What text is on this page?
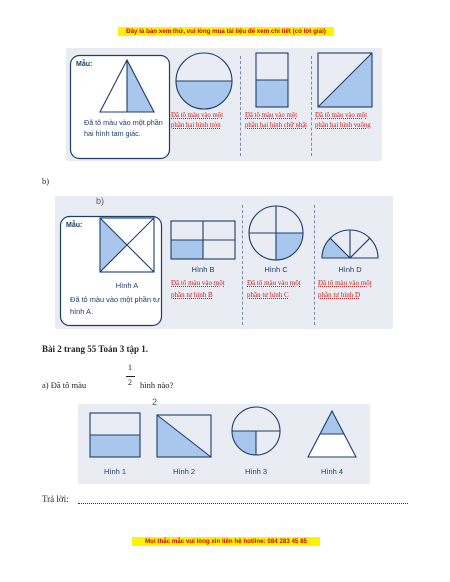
Đây là bản xem thử, vui lòng mua tài liệu để xem chi tiết (có lời giải)
Mọi thắc mắc vui lòng xin liên hệ hotline: 084 283 45 85
Mẫu:
Đã tô màu vào một phần hai hình tam giác.
Đã tô màu vào một phần hai hình tròn
Đã tô màu vào một phần hai hình chữ nhật
Đã tô màu vào một phần hai hình vuông
b)
b)
Mẫu:
Hình A
Đã tô màu vào một phần tư hình A.
Hình B
Đã tô màu vào một phần tư hình B
Hình C
Đã tô màu vào một phần tư hình C
Hình D
Đã tô màu vào một phần tư hình D
Bài 2 trang 55 Toán 3 tập 1.
a) Đã tô màu
1
2 hình nào?
2
Hình 1	Hình 2	Hình 3	Hình 4
Trả lời:
